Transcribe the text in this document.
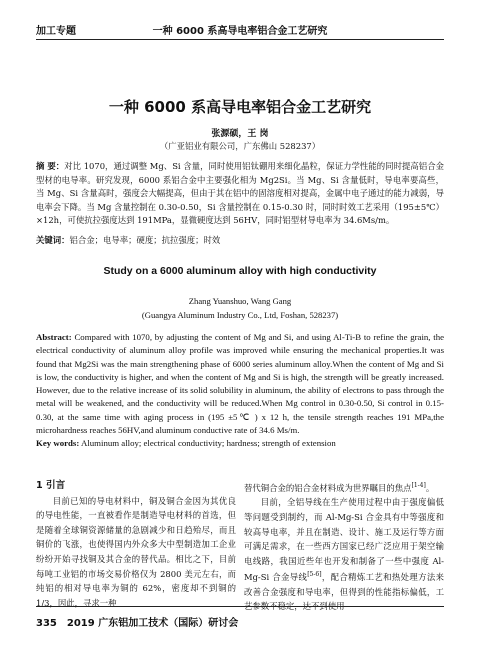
加工专题	一种 6000 系高导电率铝合金工艺研究
一种 6000 系高导电率铝合金工艺研究
张源硕，王 岗
（广亚铝业有限公司，广东佛山 528237）
摘 要：对比 1070，通过调整 Mg、Si 含量，同时使用铝钛硼用来细化晶粒，保证力学性能的同时提高铝合金型材的电导率。研究发现，6000 系铝合金中主要强化相为 Mg2Si。当 Mg、Si 含量低时，导电率要高些，当 Mg、Si 含量高时，强度会大幅提高，但由于其在铝中的固溶度相对提高，金属中电子通过的能力减弱，导电率会下降。当 Mg 含量控制在 0.30-0.50，Si 含量控制在 0.15-0.30 时，同时时效工艺采用（195±5℃）×12h，可使抗拉强度达到 191MPa，显微硬度达到 56HV，同时铝型材导电率为 34.6Ms/m。
关键词：铝合金；电导率；硬度；抗拉强度；时效
Study on a 6000 aluminum alloy with high conductivity
Zhang Yuanshuo, Wang Gang
(Guangya Aluminum Industry Co., Ltd, Foshan, 528237)
Abstract: Compared with 1070, by adjusting the content of Mg and Si, and using Al-Ti-B to refine the grain, the electrical conductivity of aluminum alloy profile was improved while ensuring the mechanical properties.It was found that Mg2Si was the main strengthening phase of 6000 series aluminum alloy.When the content of Mg and Si is low, the conductivity is higher, and when the content of Mg and Si is high, the strength will be greatly increased. However, due to the relative increase of its solid solubility in aluminum, the ability of electrons to pass through the metal will be weakened, and the conductivity will be reduced.When Mg control in 0.30-0.50, Si control in 0.15-0.30, at the same time with aging process in (195 ±5℃ ) x 12 h, the tensile strength reaches 191 MPa,the microhardness reaches 56HV,and aluminum conductive rate of 34.6 Ms/m.
Key words: Aluminum alloy; electrical conductivity; hardness; strength of extension

1 引言

目前已知的导电材料中，铜及铜合金因为其优良的导电性能，一直被看作是制造导电材料的首选，但是随着全球铜资源储量的急剧减少和日趋殆尽，而且铜价的飞涨，也使得国内外众多大中型制造加工企业纷纷开始寻找铜及其合金的替代品。相比之下，目前每吨工业铝的市场交易价格仅为 2800 美元左右，而纯铝的相对导电率为铜的 62%，密度却不到铜的 1/3，因此，寻求一种

替代铜合金的铝合金材料成为世界瞩目的焦点[1-4]。

目前，全铝导线在生产使用过程中由于强度偏低等问题受到制约，而 Al-Mg-Si 合金具有中等强度和较高导电率，并且在制造、设计、施工及运行等方面可满足需求，在一些西方国家已经广泛应用于架空输电线路，我国近些年也开发和制备了一些中强度 Al-Mg-Si 合金导线[5-6]，配合精炼工艺和热处理方法来改善合金强度和导电率，但得到的性能指标偏低，工艺参数不稳定，达不到使用

335 2019 广东铝加工技术（国际）研讨会
